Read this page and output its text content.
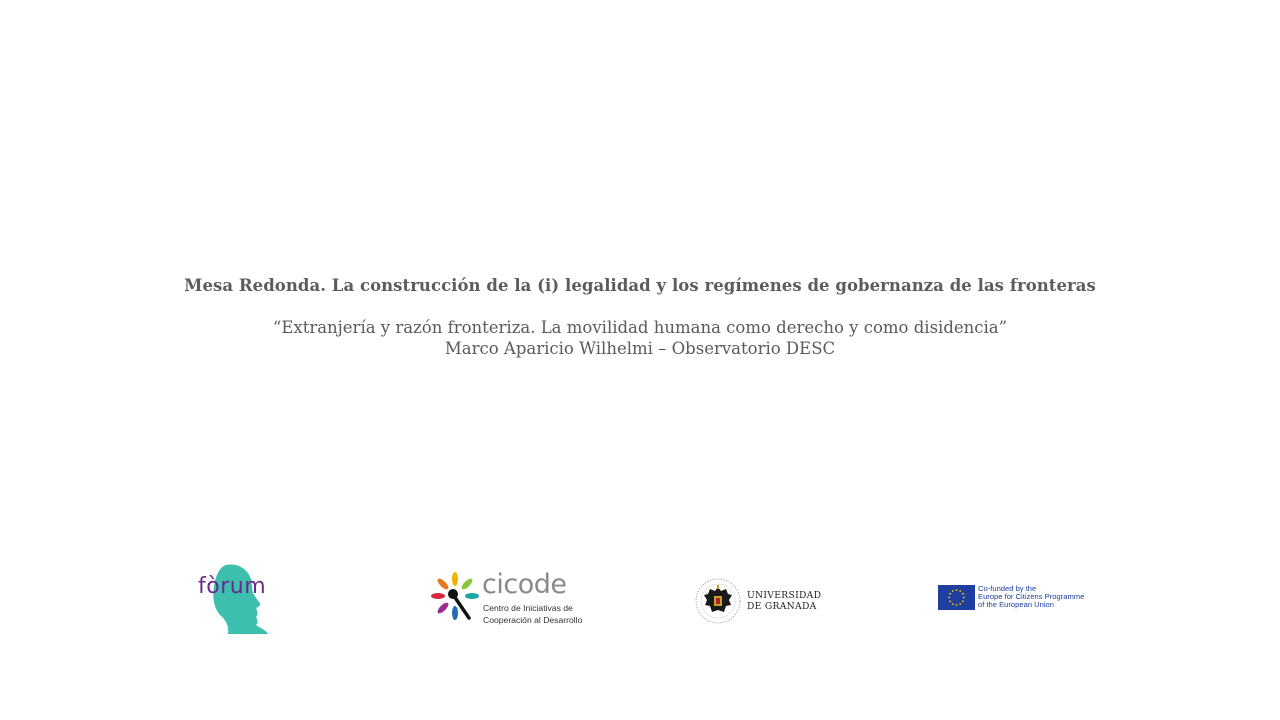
Mesa Redonda. La construcción de la (i) legalidad y los regímenes de gobernanza de las fronteras

“Extranjería y razón fronteriza. La movilidad humana como derecho y como disidencia”

Marco Aparicio Wilhelmi – Observatorio DESC

fòrum	cicode
Centro de Iniciativas de
Cooperación al Desarrollo
UNIVERSIDAD
DE GRANADA
Co-funded by the
Europe for Citizens Programme
of the European Union
